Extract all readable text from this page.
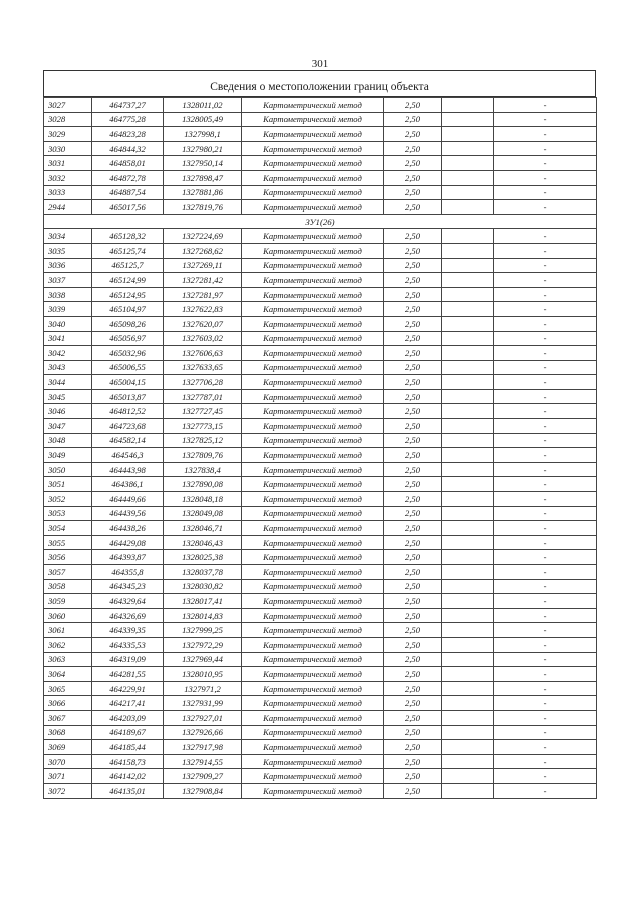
301
Сведения о местоположении границ объекта
3027	464737,27	1328011,02	Картометрический метод	2,50		-
3028	464775,28	1328005,49	Картометрический метод	2,50		-
3029	464823,28	1327998,1	Картометрический метод	2,50		-
3030	464844,32	1327980,21	Картометрический метод	2,50		-
3031	464858,01	1327950,14	Картометрический метод	2,50		-
3032	464872,78	1327898,47	Картометрический метод	2,50		-
3033	464887,54	1327881,86	Картометрический метод	2,50		-
2944	465017,56	1327819,76	Картометрический метод	2,50		-
ЗУ1(26)						
3034	465128,32	1327224,69	Картометрический метод	2,50		-
3035	465125,74	1327268,62	Картометрический метод	2,50		-
3036	465125,7	1327269,11	Картометрический метод	2,50		-
3037	465124,99	1327281,42	Картометрический метод	2,50		-
3038	465124,95	1327281,97	Картометрический метод	2,50		-
3039	465104,97	1327622,83	Картометрический метод	2,50		-
3040	465098,26	1327620,07	Картометрический метод	2,50		-
3041	465056,97	1327603,02	Картометрический метод	2,50		-
3042	465032,96	1327606,63	Картометрический метод	2,50		-
3043	465006,55	1327633,65	Картометрический метод	2,50		-
3044	465004,15	1327706,28	Картометрический метод	2,50		-
3045	465013,87	1327787,01	Картометрический метод	2,50		-
3046	464812,52	1327727,45	Картометрический метод	2,50		-
3047	464723,68	1327773,15	Картометрический метод	2,50		-
3048	464582,14	1327825,12	Картометрический метод	2,50		-
3049	464546,3	1327809,76	Картометрический метод	2,50		-
3050	464443,98	1327838,4	Картометрический метод	2,50		-
3051	464386,1	1327890,08	Картометрический метод	2,50		-
3052	464449,66	1328048,18	Картометрический метод	2,50		-
3053	464439,56	1328049,08	Картометрический метод	2,50		-
3054	464438,26	1328046,71	Картометрический метод	2,50		-
3055	464429,08	1328046,43	Картометрический метод	2,50		-
3056	464393,87	1328025,38	Картометрический метод	2,50		-
3057	464355,8	1328037,78	Картометрический метод	2,50		-
3058	464345,23	1328030,82	Картометрический метод	2,50		-
3059	464329,64	1328017,41	Картометрический метод	2,50		-
3060	464326,69	1328014,83	Картометрический метод	2,50		-
3061	464339,35	1327999,25	Картометрический метод	2,50		-
3062	464335,53	1327972,29	Картометрический метод	2,50		-
3063	464319,09	1327969,44	Картометрический метод	2,50		-
3064	464281,55	1328010,95	Картометрический метод	2,50		-
3065	464229,91	1327971,2	Картометрический метод	2,50		-
3066	464217,41	1327931,99	Картометрический метод	2,50		-
3067	464203,09	1327927,01	Картометрический метод	2,50		-
3068	464189,67	1327926,66	Картометрический метод	2,50		-
3069	464185,44	1327917,98	Картометрический метод	2,50		-
3070	464158,73	1327914,55	Картометрический метод	2,50		-
3071	464142,02	1327909,27	Картометрический метод	2,50		-
3072	464135,01	1327908,84	Картометрический метод	2,50		-
